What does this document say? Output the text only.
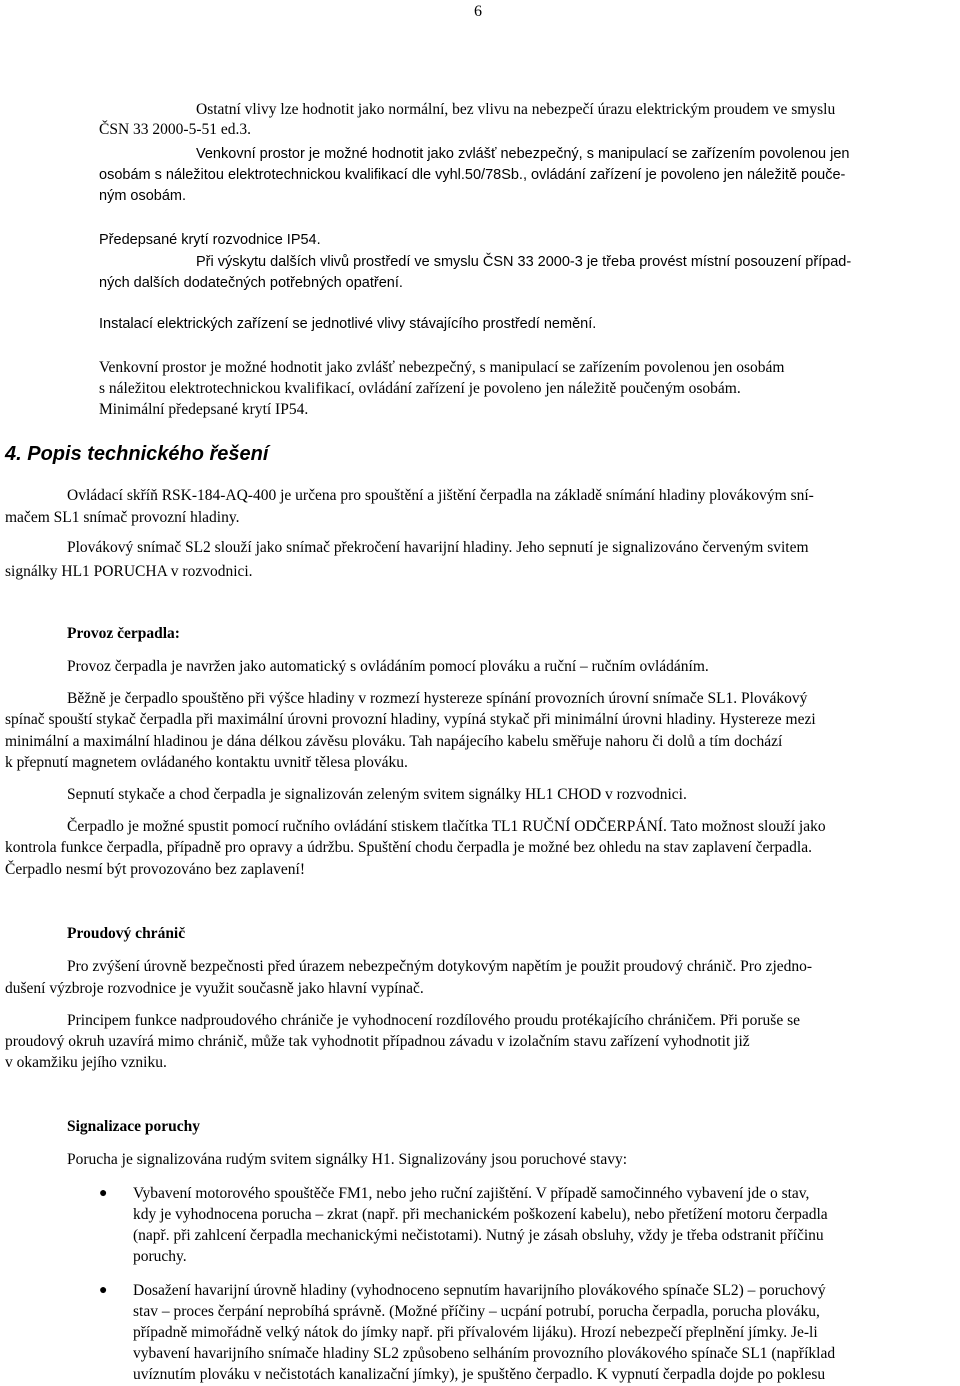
6
Ostatní vlivy lze hodnotit jako normální, bez vlivu na nebezpečí úrazu elektrickým proudem ve smyslu
ČSN 33 2000-5-51 ed.3.
Venkovní prostor je možné hodnotit jako zvlášť nebezpečný, s manipulací se zařízením povolenou jen
osobám s náležitou elektrotechnickou kvalifikací dle vyhl.50/78Sb., ovládání zařízení je povoleno jen náležitě pouče-
ným osobám.
Předepsané krytí rozvodnice IP54.
Při výskytu dalších vlivů prostředí ve smyslu ČSN 33 2000-3 je třeba provést místní posouzení případ-
ných dalších dodatečných potřebných opatření.
Instalací elektrických zařízení se jednotlivé vlivy stávajícího prostředí nemění.
Venkovní prostor je možné hodnotit jako zvlášť nebezpečný, s manipulací se zařízením povolenou jen osobám
s náležitou elektrotechnickou kvalifikací, ovládání zařízení je povoleno jen náležitě poučeným osobám.
Minimální předepsané krytí IP54.
4. Popis technického řešení
Ovládací skříň RSK-184-AQ-400 je určena pro spouštění a jištění čerpadla na základě snímání hladiny plovákovým sní-
mačem SL1 snímač provozní hladiny.
Plovákový snímač SL2 slouží jako snímač překročení havarijní hladiny. Jeho sepnutí je signalizováno červeným svitem
signálky HL1 PORUCHA v rozvodnici.
Provoz čerpadla:
Provoz čerpadla je navržen jako automatický s ovládáním pomocí plováku a ruční – ručním ovládáním.
Běžně je čerpadlo spouštěno při výšce hladiny v rozmezí hystereze spínání provozních úrovní snímače SL1. Plovákový
spínač spouští stykač čerpadla při maximální úrovni provozní hladiny, vypíná stykač při minimální úrovni hladiny. Hystereze mezi
minimální a maximální hladinou je dána délkou závěsu plováku. Tah napájecího kabelu směřuje nahoru či dolů a tím dochází
k přepnutí magnetem ovládaného kontaktu uvnitř tělesa plováku.
Sepnutí stykače a chod čerpadla je signalizován zeleným svitem signálky HL1 CHOD v rozvodnici.
Čerpadlo je možné spustit pomocí ručního ovládání stiskem tlačítka TL1 RUČNÍ ODČERPÁNÍ. Tato možnost slouží jako
kontrola funkce čerpadla, případně pro opravy a údržbu. Spuštění chodu čerpadla je možné bez ohledu na stav zaplavení čerpadla.
Čerpadlo nesmí být provozováno bez zaplavení!
Proudový chránič
Pro zvýšení úrovně bezpečnosti před úrazem nebezpečným dotykovým napětím je použit proudový chránič. Pro zjedno-
dušení výzbroje rozvodnice je využit současně jako hlavní vypínač.
Principem funkce nadproudového chrániče je vyhodnocení rozdílového proudu protékajícího chráničem. Při poruše se
proudový okruh uzavírá mimo chránič, může tak vyhodnotit případnou závadu v izolačním stavu zařízení vyhodnotit již
v okamžiku jejího vzniku.
Signalizace poruchy
Porucha je signalizována rudým svitem signálky H1. Signalizovány jsou poruchové stavy:
● Vybavení motorového spouštěče FM1, nebo jeho ruční zajištění. V případě samočinného vybavení jde o stav,
kdy je vyhodnocena porucha – zkrat (např. při mechanickém poškození kabelu), nebo přetížení motoru čerpadla
(např. při zahlcení čerpadla mechanickými nečistotami). Nutný je zásah obsluhy, vždy je třeba odstranit příčinu
poruchy.
● Dosažení havarijní úrovně hladiny (vyhodnoceno sepnutím havarijního plovákového spínače SL2) – poruchový
stav – proces čerpání neprobíhá správně. (Možné příčiny – ucpání potrubí, porucha čerpadla, porucha plováku,
případně mimořádně velký nátok do jímky např. při přívalovém lijáku). Hrozí nebezpečí přeplnění jímky. Je-li
vybavení havarijního snímače hladiny SL2 způsobeno selháním provozního plovákového spínače SL1 (například
uvíznutím plováku v nečistotách kanalizační jímky), je spuštěno čerpadlo. K vypnutí čerpadla dojde po poklesu
